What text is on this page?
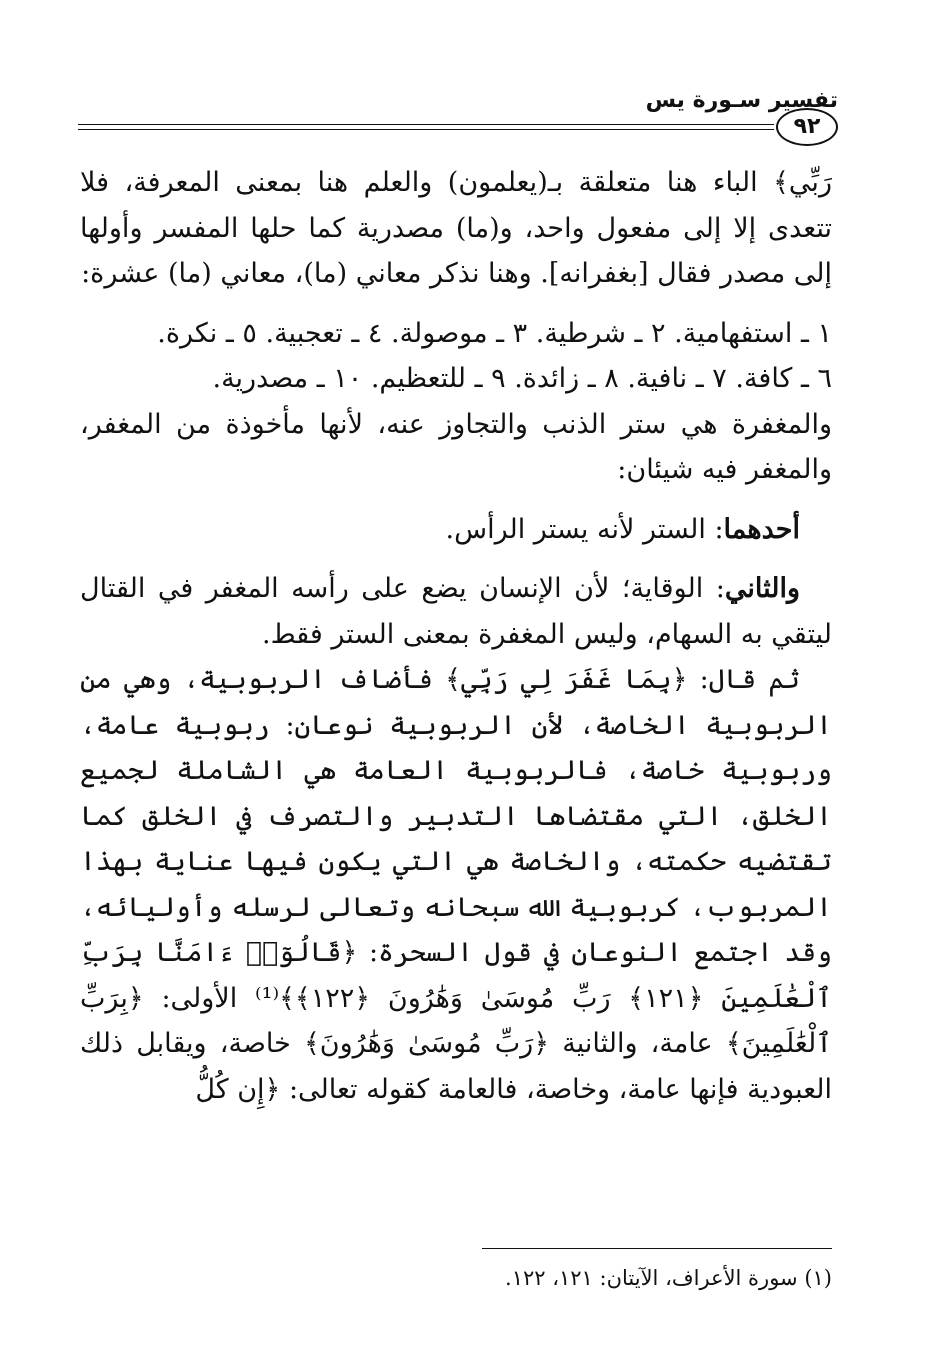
تفسير سـورة يس
٩٢

رَبِّي﴾ الباء هنا متعلقة بـ(يعلمون) والعلم هنا بمعنى المعرفة، فلا تتعدى إلا إلى مفعول واحد، و(ما) مصدرية كما حلها المفسر وأولها إلى مصدر فقال [بغفرانه]. وهنا نذكر معاني (ما)، معاني (ما) عشرة:

١ ـ استفهامية. ٢ ـ شرطية. ٣ ـ موصولة. ٤ ـ تعجبية. ٥ ـ نكرة.

٦ ـ كافة. ٧ ـ نافية. ٨ ـ زائدة. ٩ ـ للتعظيم. ١٠ ـ مصدرية.

والمغفرة هي ستر الذنب والتجاوز عنه، لأنها مأخوذة من المغفر، والمغفر فيه شيئان:

أحدهما: الستر لأنه يستر الرأس.

والثاني: الوقاية؛ لأن الإنسان يضع على رأسه المغفر في القتال ليتقي به السهام، وليس المغفرة بمعنى الستر فقط.

ثم قال: ﴿بِمَا غَفَرَ لِي رَبِّي﴾ فأضاف الربوبية، وهي من الربوبية الخاصة، لأن الربوبية نوعان: ربوبية عامة، وربوبية خاصة، فالربوبية العامة هي الشاملة لجميع الخلق، التي مقتضاها التدبير والتصرف في الخلق كما تقتضيه حكمته، والخاصة هي التي يكون فيها عناية بهذا المربوب، كربوبية الله سبحانه وتعالى لرسله وأوليائه، وقد اجتمع النوعان في قول السحرة: ﴿قَالُوٓا۟ ءَامَنَّا بِرَبِّ ٱلْعَٰلَمِينَ ﴿١٢١﴾ رَبِّ مُوسَىٰ وَهَٰرُونَ ﴿١٢٢﴾﴾⁽¹⁾ الأولى: ﴿بِرَبِّ ٱلْعَٰلَمِينَ﴾ عامة، والثانية ﴿رَبِّ مُوسَىٰ وَهَٰرُونَ﴾ خاصة، ويقابل ذلك العبودية فإنها عامة، وخاصة، فالعامة كقوله تعالى: ﴿إِن كُلُّ

(١) سورة الأعراف، الآيتان: ١٢١، ١٢٢.
